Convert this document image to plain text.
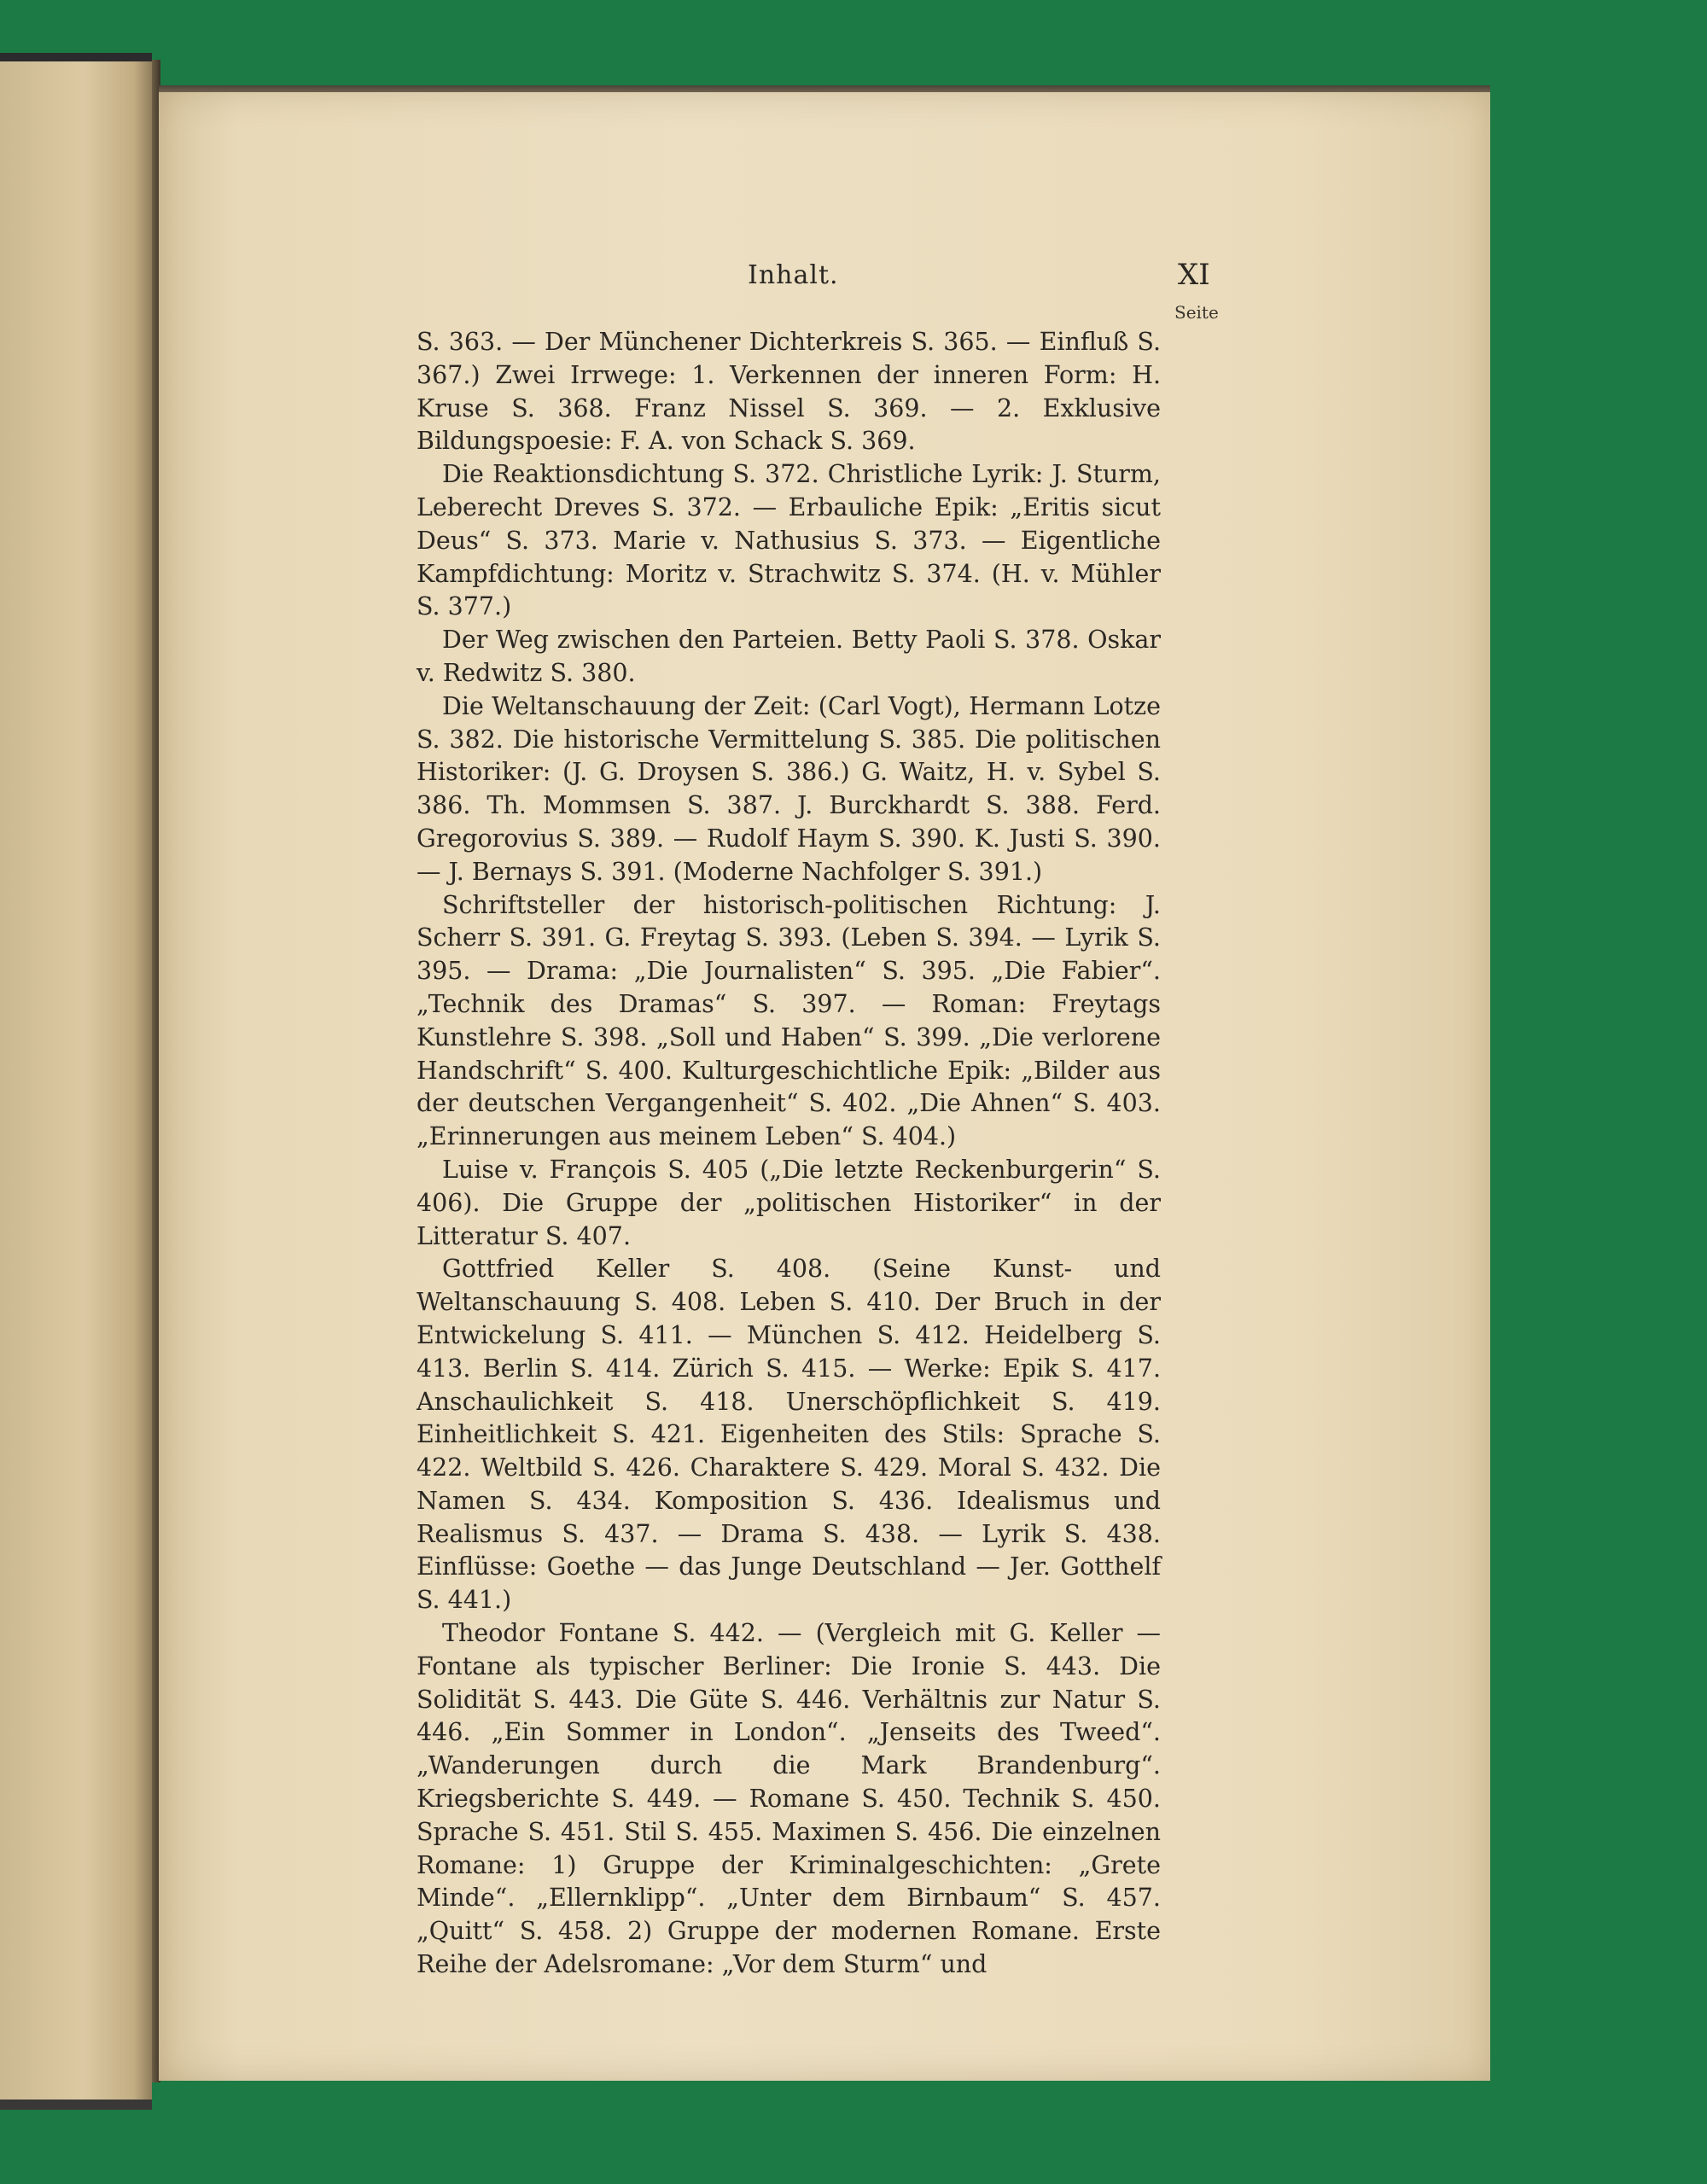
Inhalt.	XI
Seite

S. 363. — Der Münchener Dichterkreis S. 365. — Einfluß S. 367.) Zwei Irrwege: 1. Verkennen der inneren Form: H. Kruse S. 368. Franz Nissel S. 369. — 2. Exklusive Bildungspoesie: F. A. von Schack S. 369.

Die Reaktionsdichtung S. 372. Christliche Lyrik: J. Sturm, Leberecht Dreves S. 372. — Erbauliche Epik: „Eritis sicut Deus“ S. 373. Marie v. Nathusius S. 373. — Eigentliche Kampfdichtung: Moritz v. Strachwitz S. 374. (H. v. Mühler S. 377.)

Der Weg zwischen den Parteien. Betty Paoli S. 378. Oskar v. Redwitz S. 380.

Die Weltanschauung der Zeit: (Carl Vogt), Hermann Lotze S. 382. Die historische Vermittelung S. 385. Die politischen Historiker: (J. G. Droysen S. 386.) G. Waitz, H. v. Sybel S. 386. Th. Mommsen S. 387. J. Burckhardt S. 388. Ferd. Gregorovius S. 389. — Rudolf Haym S. 390. K. Justi S. 390. — J. Bernays S. 391. (Moderne Nachfolger S. 391.)

Schriftsteller der historisch-politischen Richtung: J. Scherr S. 391. G. Freytag S. 393. (Leben S. 394. — Lyrik S. 395. — Drama: „Die Journalisten“ S. 395. „Die Fabier“. „Technik des Dramas“ S. 397. — Roman: Freytags Kunstlehre S. 398. „Soll und Haben“ S. 399. „Die verlorene Handschrift“ S. 400. Kulturgeschichtliche Epik: „Bilder aus der deutschen Vergangenheit“ S. 402. „Die Ahnen“ S. 403. „Erinnerungen aus meinem Leben“ S. 404.)

Luise v. François S. 405 („Die letzte Reckenburgerin“ S. 406). Die Gruppe der „politischen Historiker“ in der Litteratur S. 407.

Gottfried Keller S. 408. (Seine Kunst- und Weltanschauung S. 408. Leben S. 410. Der Bruch in der Entwickelung S. 411. — München S. 412. Heidelberg S. 413. Berlin S. 414. Zürich S. 415. — Werke: Epik S. 417. Anschaulichkeit S. 418. Unerschöpflichkeit S. 419. Einheitlichkeit S. 421. Eigenheiten des Stils: Sprache S. 422. Weltbild S. 426. Charaktere S. 429. Moral S. 432. Die Namen S. 434. Komposition S. 436. Idealismus und Realismus S. 437. — Drama S. 438. — Lyrik S. 438. Einflüsse: Goethe — das Junge Deutschland — Jer. Gotthelf S. 441.)

Theodor Fontane S. 442. — (Vergleich mit G. Keller — Fontane als typischer Berliner: Die Ironie S. 443. Die Solidität S. 443. Die Güte S. 446. Verhältnis zur Natur S. 446. „Ein Sommer in London“. „Jenseits des Tweed“. „Wanderungen durch die Mark Brandenburg“. Kriegsberichte S. 449. — Romane S. 450. Technik S. 450. Sprache S. 451. Stil S. 455. Maximen S. 456. Die einzelnen Romane: 1) Gruppe der Kriminalgeschichten: „Grete Minde“. „Ellernklipp“. „Unter dem Birnbaum“ S. 457. „Quitt“ S. 458. 2) Gruppe der modernen Romane. Erste Reihe der Adelsromane: „Vor dem Sturm“ und
